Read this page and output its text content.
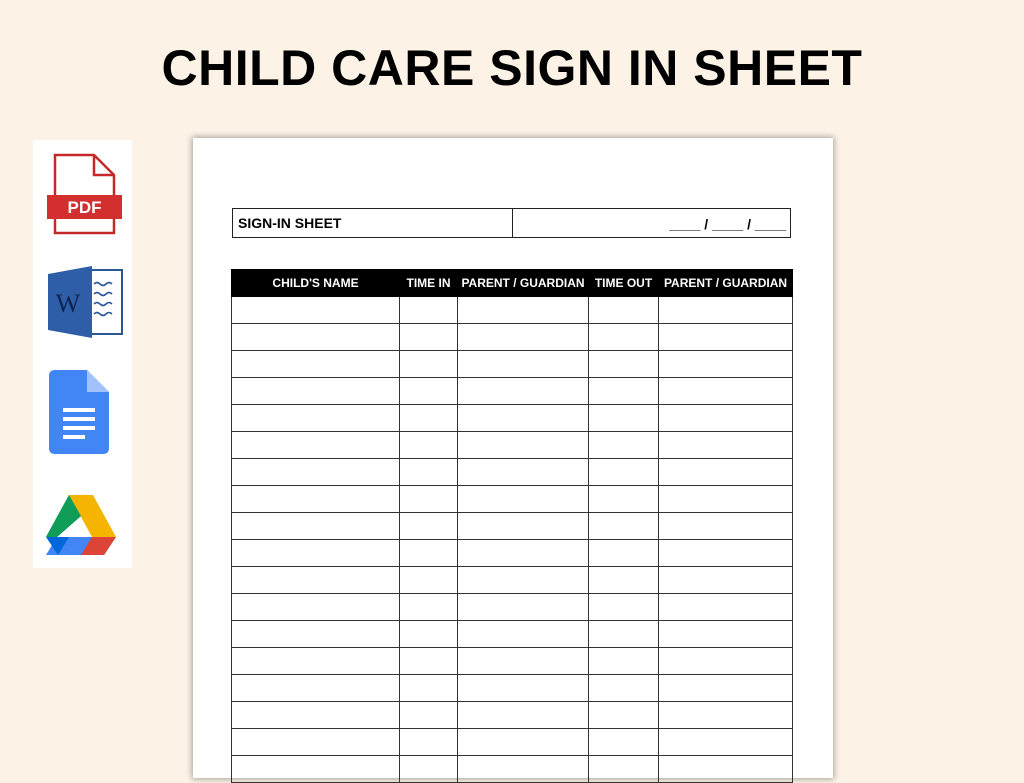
CHILD CARE SIGN IN SHEET
PDF
W
SIGN-IN SHEET	____ / ____ / ____
CHILD'S NAME	TIME IN	PARENT / GUARDIAN	TIME OUT	PARENT / GUARDIAN
